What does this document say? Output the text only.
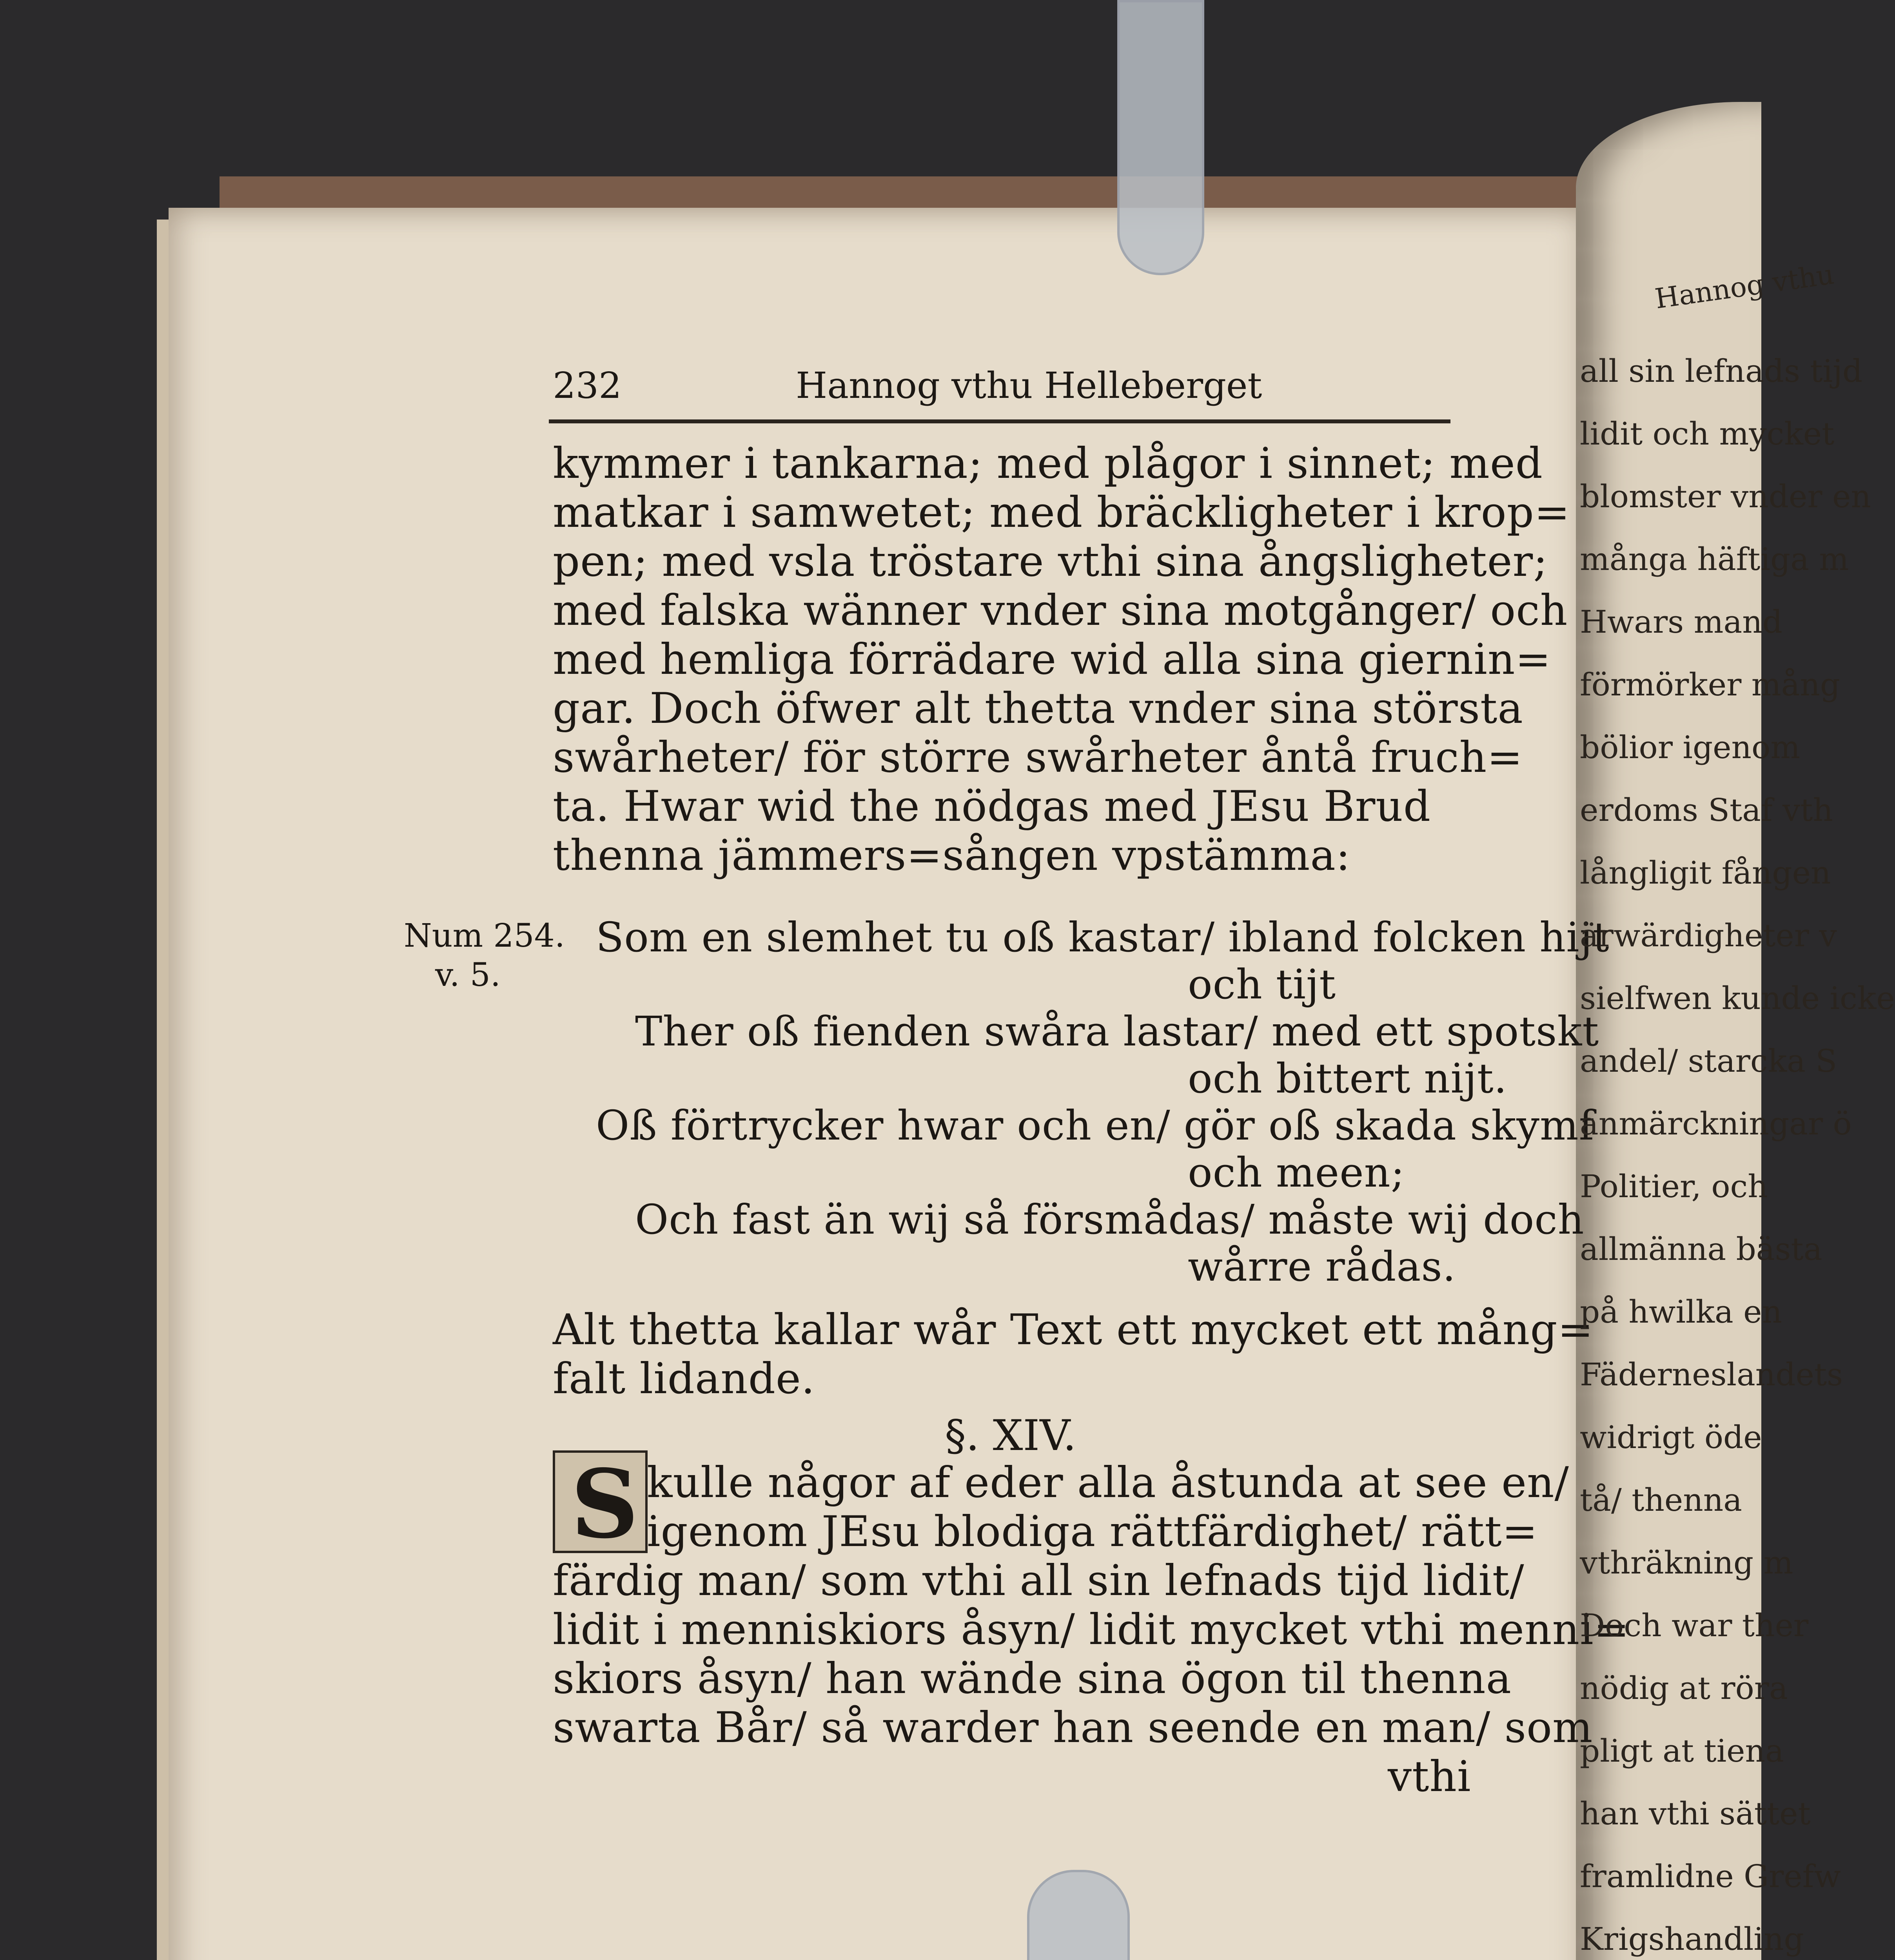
232	Hannog vthu Helleberget
kymmer i tankarna; med plågor i sinnet; med
matkar i samwetet; med bräckligheter i krop=
pen; med vsla tröstare vthi sina ångsligheter;
med falska wänner vnder sina motgånger/ och
med hemliga förrädare wid alla sina giernin=
gar. Doch öfwer alt thetta vnder sina största
swårheter/ för större swårheter åntå fruch=
ta. Hwar wid the nödgas med JEsu Brud
thenna jämmers=sången vpstämma:
Num 254.
v. 5.
Som en slemhet tu oß kastar/ ibland folcken hijt
och tijt
Ther oß fienden swåra lastar/ med ett spotskt
och bittert nijt.
Oß förtrycker hwar och en/ gör oß skada skymf
och meen;
Och fast än wij så försmådas/ måste wij doch
wårre rådas.
Alt thetta kallar wår Text ett mycket ett mång=
falt lidande.
§. XIV.
S kulle någor af eder alla åstunda at see en/
igenom JEsu blodiga rättfärdighet/ rätt=
färdig man/ som vthi all sin lefnads tijd lidit/
lidit i menniskiors åsyn/ lidit mycket vthi menni=
skiors åsyn/ han wände sina ögon til thenna
swarta Bår/ så warder han seende en man/ som
vthi
Hannog vthu
all sin lefnads tijd
lidit och mycket
blomster vnder en
många häftiga m
Hwars mand
förmörker mång
bölior igenom
erdoms Staf vth
långligit fången
ärwärdigheter v
sielfwen kunde icke
andel/ starcka S
anmärckningar ö
Politier, och
allmänna bästa
på hwilka en
Fäderneslandets
widrigt öde
tå/ thenna
vthräkning m
Doch war ther
nödig at röra
pligt at tiena
han vthi sättet
framlidne Grefw
Krigshandling
